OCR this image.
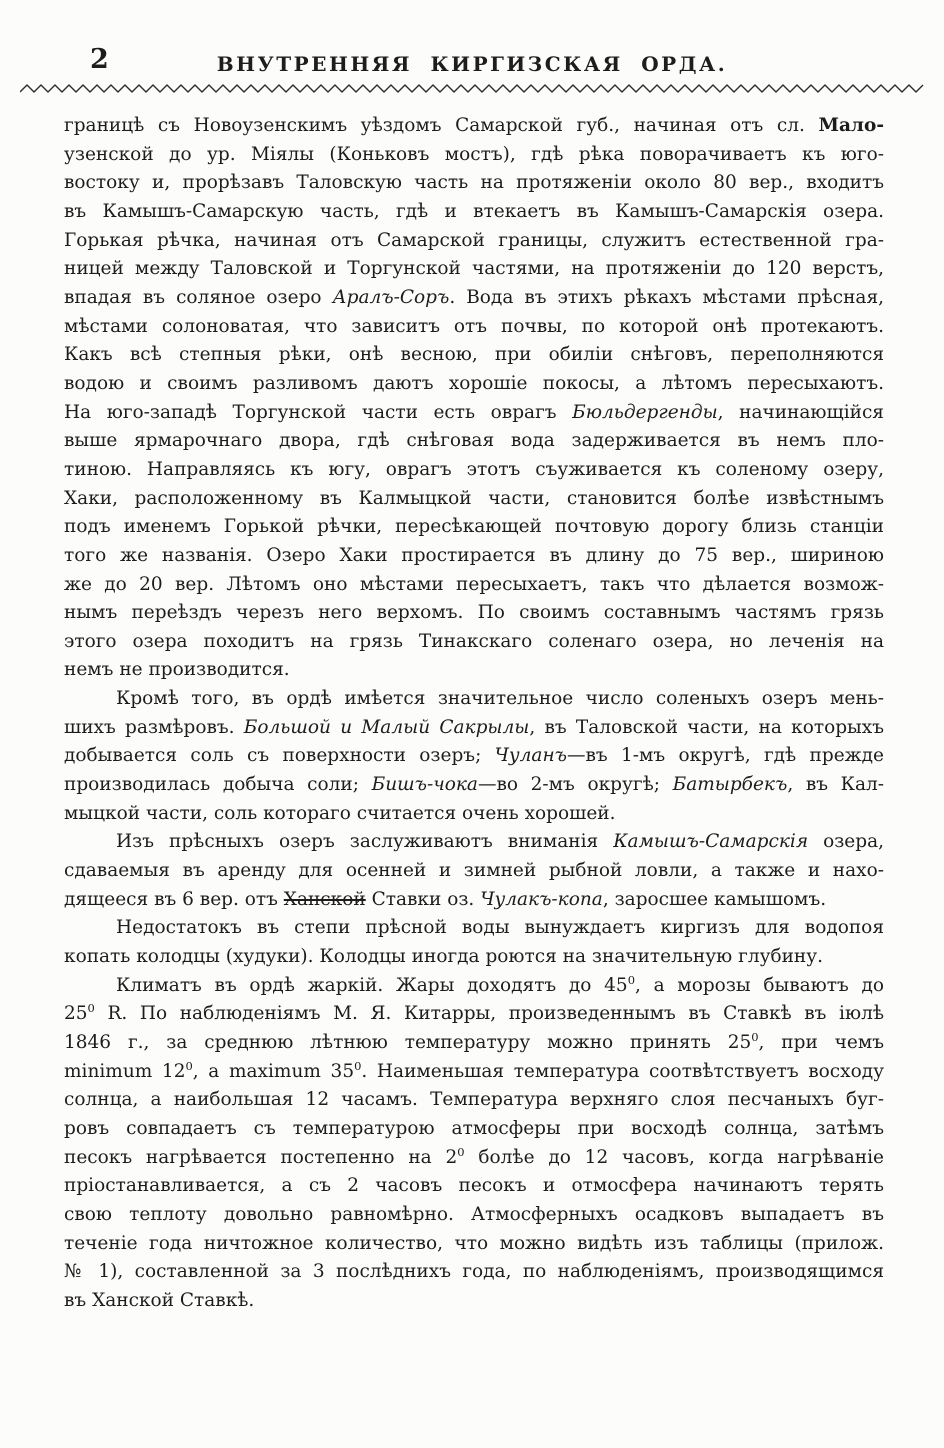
2	ВНУТРЕННЯЯ КИРГИЗСКАЯ ОРДА.

границѣ съ Новоузенскимъ уѣздомъ Самарской губ., начиная отъ сл. Мало-
узенской до ур. Міялы (Коньковъ мостъ), гдѣ рѣка поворачиваетъ къ юго-
востоку и, прорѣзавъ Таловскую часть на протяженіи около 80 вер., входитъ
въ Камышъ-Самарскую часть, гдѣ и втекаетъ въ Камышъ-Самарскія озера.
Горькая рѣчка, начиная отъ Самарской границы, служитъ естественной гра-
ницей между Таловской и Торгунской частями, на протяженіи до 120 верстъ,
впадая въ соляное озеро Аралъ-Соръ. Вода въ этихъ рѣкахъ мѣстами прѣсная,
мѣстами солоноватая, что зависитъ отъ почвы, по которой онѣ протекаютъ.
Какъ всѣ степныя рѣки, онѣ весною, при обиліи снѣговъ, переполняются
водою и своимъ разливомъ даютъ хорошіе покосы, а лѣтомъ пересыхаютъ.
На юго-западѣ Торгунской части есть оврагъ Бюльдергенды, начинающійся
выше ярмарочнаго двора, гдѣ снѣговая вода задерживается въ немъ пло-
тиною. Направляясь къ югу, оврагъ этотъ съуживается къ соленому озеру,
Хаки, расположенному въ Калмыцкой части, становится болѣе извѣстнымъ
подъ именемъ Горькой рѣчки, пересѣкающей почтовую дорогу близь станціи
того же названія. Озеро Хаки простирается въ длину до 75 вер., шириною
же до 20 вер. Лѣтомъ оно мѣстами пересыхаетъ, такъ что дѣлается возмож-
нымъ переѣздъ черезъ него верхомъ. По своимъ составнымъ частямъ грязь
этого озера походитъ на грязь Тинакскаго соленаго озера, но леченія на
немъ не производится.

Кромѣ того, въ ордѣ имѣется значительное число соленыхъ озеръ мень-
шихъ размѣровъ. Большой и Малый Сакрылы, въ Таловской части, на которыхъ
добывается соль съ поверхности озеръ; Чуланъ—въ 1-мъ округѣ, гдѣ прежде
производилась добыча соли; Бишъ-чока—во 2-мъ округѣ; Батырбекъ, въ Кал-
мыцкой части, соль котораго считается очень хорошей.

Изъ прѣсныхъ озеръ заслуживаютъ вниманія Камышъ-Самарскія озера,
сдаваемыя въ аренду для осенней и зимней рыбной ловли, а также и нахо-
дящееся въ 6 вер. отъ Ханской Ставки оз. Чулакъ-копа, заросшее камышомъ.

Недостатокъ въ степи прѣсной воды вынуждаетъ киргизъ для водопоя
копать колодцы (худуки). Колодцы иногда роются на значительную глубину.

Климатъ въ ордѣ жаркій. Жары доходятъ до $45^0$, а морозы бываютъ до
$25^0$ R. По наблюденіямъ М. Я. Китарры, произведеннымъ въ Ставкѣ въ іюлѣ
1846 г., за среднюю лѣтнюю температуру можно принять $25^0$, при чемъ
minimum $12^0$, а maximum $35^0$. Наименьшая температура соотвѣтствуетъ восходу
солнца, а наибольшая 12 часамъ. Температура верхняго слоя песчаныхъ буг-
ровъ совпадаетъ съ температурою атмосферы при восходѣ солнца, затѣмъ
песокъ нагрѣвается постепенно на $2^0$ болѣе до 12 часовъ, когда нагрѣваніе
пріостанавливается, а съ 2 часовъ песокъ и отмосфера начинаютъ терять
свою теплоту довольно равномѣрно. Атмосферныхъ осадковъ выпадаетъ въ
теченіе года ничтожное количество, что можно видѣть изъ таблицы (прилож.
№ 1), составленной за 3 послѣднихъ года, по наблюденіямъ, производящимся
въ Ханской Ставкѣ.
